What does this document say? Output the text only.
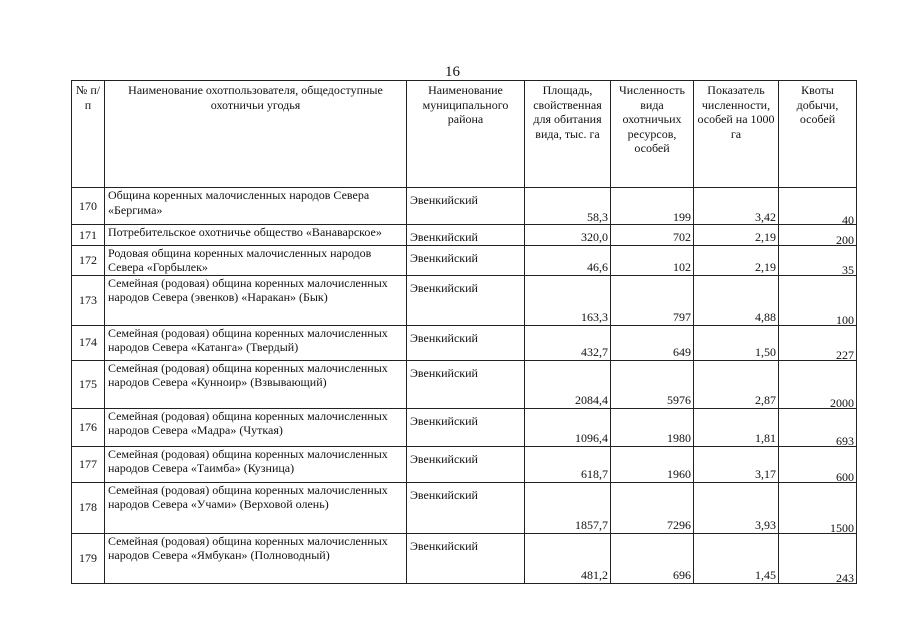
16
№ п/п	Наименование охотпользователя, общедоступные охотничьи угодья	Наименование муниципального района	Площадь, свойственная для обитания вида, тыс. га	Численность вида охотничьих ресурсов, особей	Показатель численности, особей на 1000 га	Квоты добычи, особей
170	Община коренных малочисленных народов Севера «Бергима»	Эвенкийский	58,3	199	3,42	40
171	Потребительское охотничье общество «Ванаварское»	Эвенкийский	320,0	702	2,19	200
172	Родовая община коренных малочисленных народов Севера «Горбылек»	Эвенкийский	46,6	102	2,19	35
173	Семейная (родовая) община коренных малочисленных народов Севера (эвенков) «Наракан» (Бык)	Эвенкийский	163,3	797	4,88	100
174	Семейная (родовая) община коренных малочисленных народов Севера «Катанга» (Твердый)	Эвенкийский	432,7	649	1,50	227
175	Семейная (родовая) община коренных малочисленных народов Севера «Кунноир» (Взвывающий)	Эвенкийский	2084,4	5976	2,87	2000
176	Семейная (родовая) община коренных малочисленных народов Севера «Мадра» (Чуткая)	Эвенкийский	1096,4	1980	1,81	693
177	Семейная (родовая) община коренных малочисленных народов Севера «Таимба» (Кузница)	Эвенкийский	618,7	1960	3,17	600
178	Семейная (родовая) община коренных малочисленных народов Севера «Учами» (Верховой олень)	Эвенкийский	1857,7	7296	3,93	1500
179	Семейная (родовая) община коренных малочисленных народов Севера «Ямбукан» (Полноводный)	Эвенкийский	481,2	696	1,45	243
